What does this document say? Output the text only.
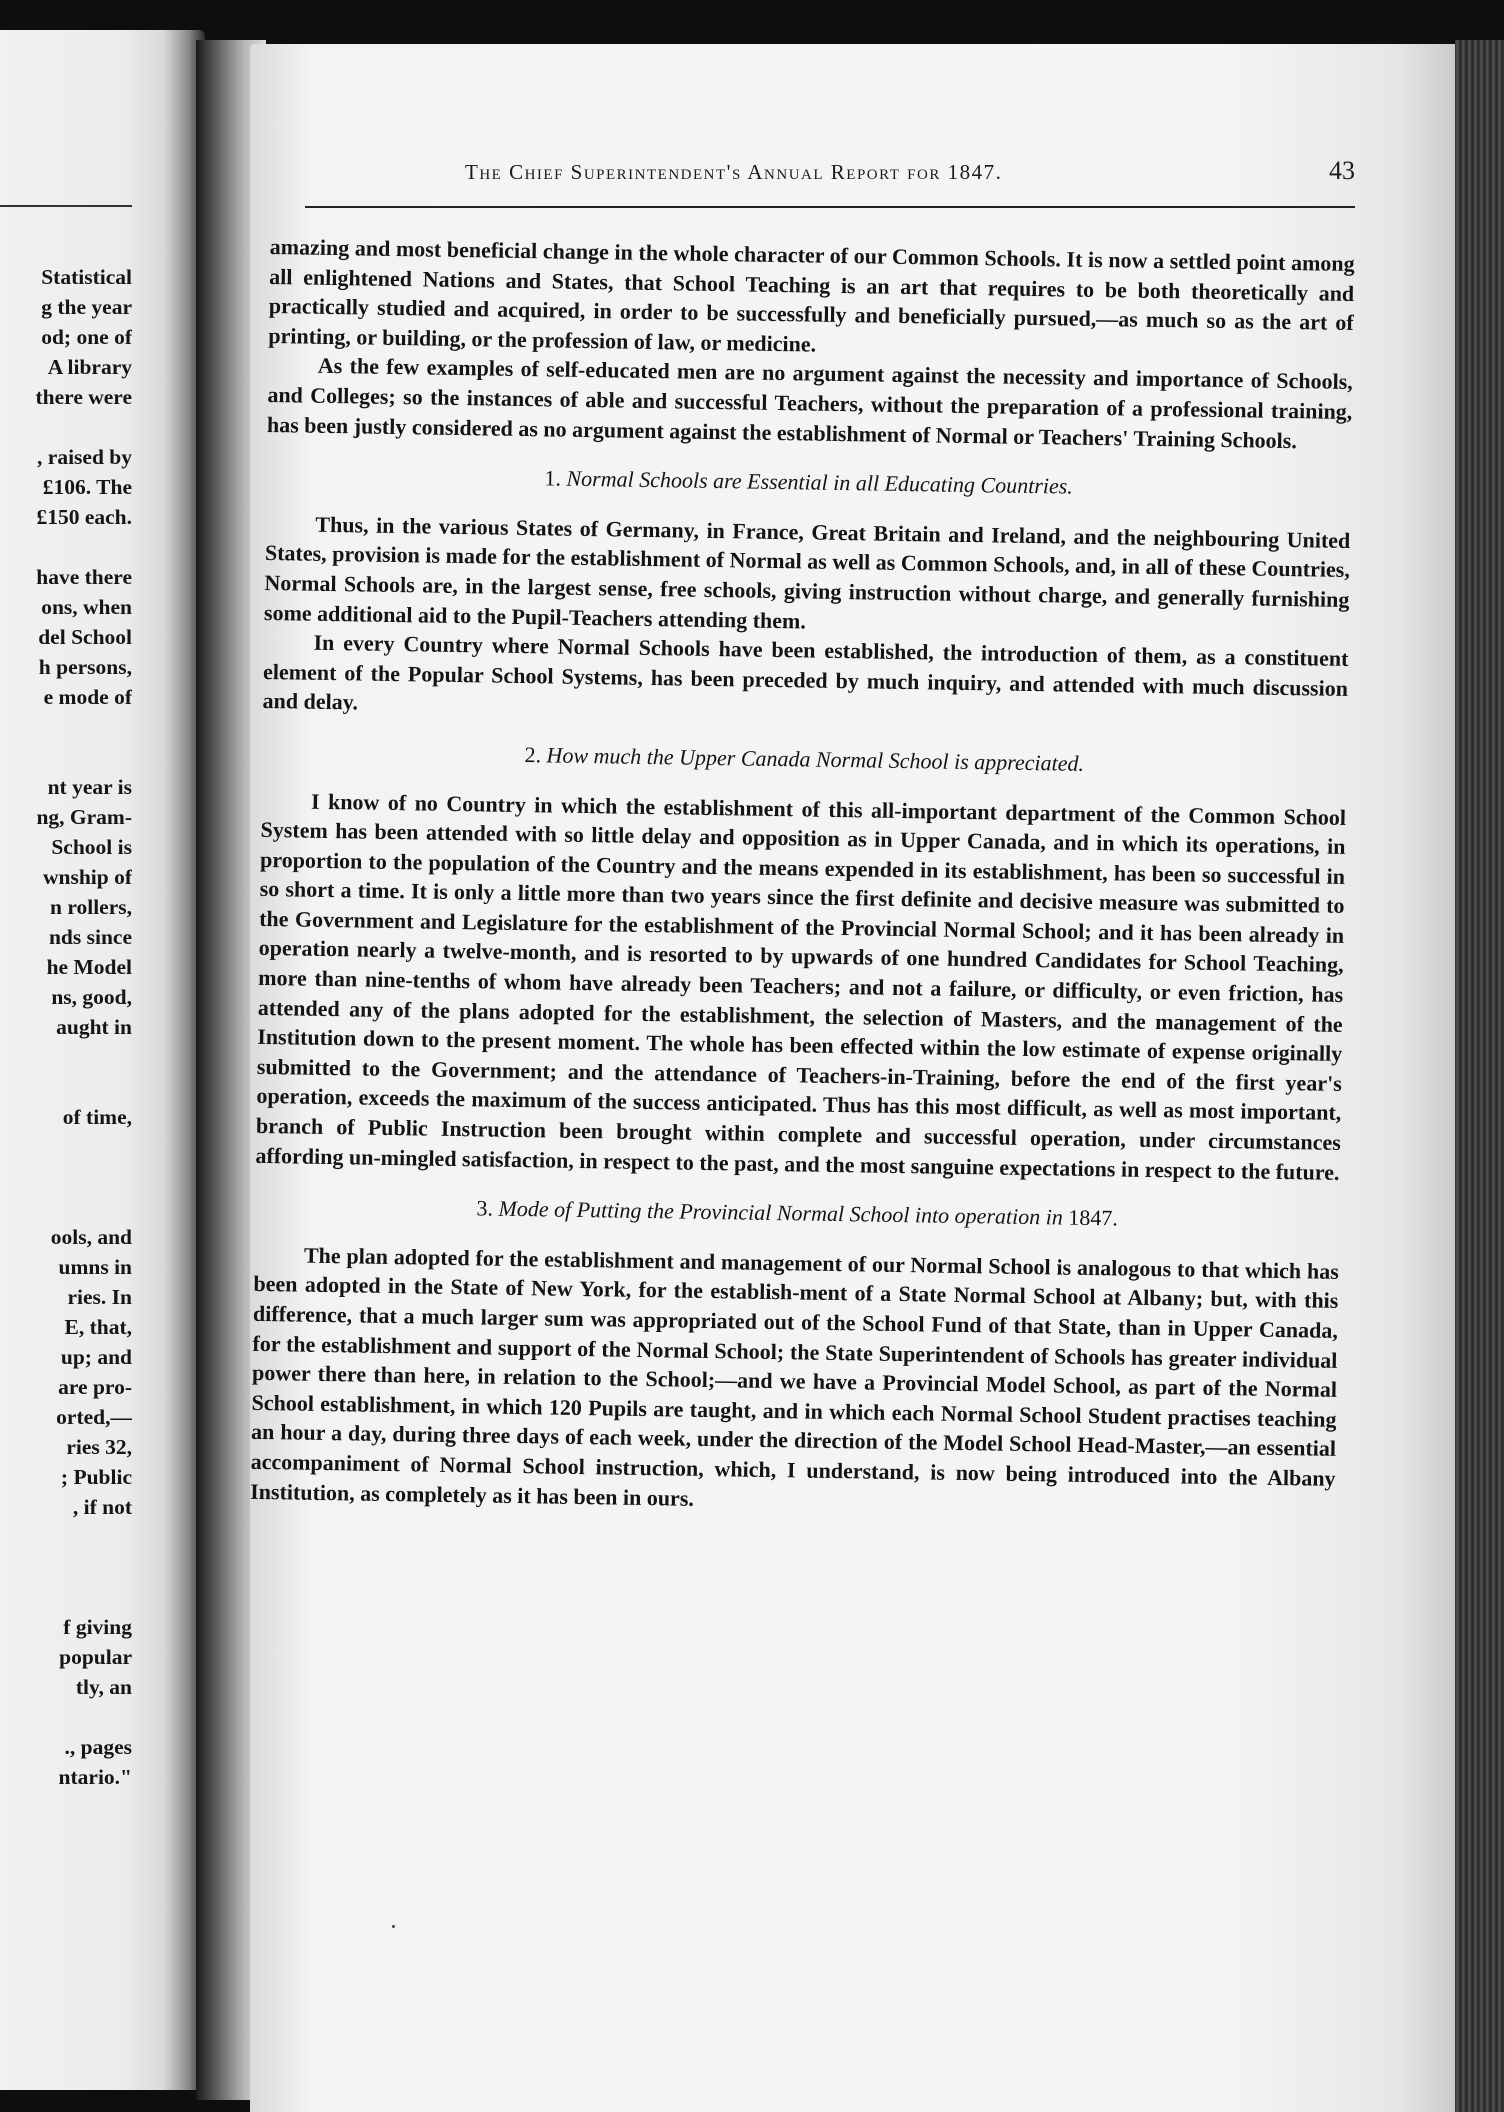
Statistical
g the year
od; one of
A library
there were
, raised by
£106. The
£150 each.
have there
ons, when
del School
h persons,
e mode of
nt year is
ng, Gram-
School is
wnship of
n rollers,
nds since
he Model
ns, good,
aught in
of time,
ools, and
umns in
ries. In
E, that,
up; and
are pro-
orted,—
ries 32,
; Public
, if not
f giving
popular
tly, an
., pages
ntario."
The Chief Superintendent's Annual Report for 1847.	43

amazing and most beneficial change in the whole character of our Common Schools. It is now a settled point among all enlightened Nations and States, that School Teaching is an art that requires to be both theoretically and practically studied and acquired, in order to be successfully and beneficially pursued,—as much so as the art of printing, or building, or the profession of law, or medicine.

As the few examples of self-educated men are no argument against the necessity and importance of Schools, and Colleges; so the instances of able and successful Teachers, without the preparation of a professional training, has been justly considered as no argument against the establishment of Normal or Teachers' Training Schools.

1. Normal Schools are Essential in all Educating Countries.

Thus, in the various States of Germany, in France, Great Britain and Ireland, and the neighbouring United States, provision is made for the establishment of Normal as well as Common Schools, and, in all of these Countries, Normal Schools are, in the largest sense, free schools, giving instruction without charge, and generally furnishing some additional aid to the Pupil-Teachers attending them.

In every Country where Normal Schools have been established, the introduction of them, as a constituent element of the Popular School Systems, has been preceded by much inquiry, and attended with much discussion and delay.

2. How much the Upper Canada Normal School is appreciated.

I know of no Country in which the establishment of this all-important department of the Common School System has been attended with so little delay and opposition as in Upper Canada, and in which its operations, in proportion to the population of the Country and the means expended in its establishment, has been so successful in so short a time. It is only a little more than two years since the first definite and decisive measure was submitted to the Government and Legislature for the establishment of the Provincial Normal School; and it has been already in operation nearly a twelve-month, and is resorted to by upwards of one hundred Candidates for School Teaching, more than nine-tenths of whom have already been Teachers; and not a failure, or difficulty, or even friction, has attended any of the plans adopted for the establishment, the selection of Masters, and the management of the Institution down to the present moment. The whole has been effected within the low estimate of expense originally submitted to the Government; and the attendance of Teachers-in-Training, before the end of the first year's operation, exceeds the maximum of the success anticipated. Thus has this most difficult, as well as most important, branch of Public Instruction been brought within complete and successful operation, under circumstances affording un-mingled satisfaction, in respect to the past, and the most sanguine expectations in respect to the future.

3. Mode of Putting the Provincial Normal School into operation in 1847.

The plan adopted for the establishment and management of our Normal School is analogous to that which has been adopted in the State of New York, for the establish-ment of a State Normal School at Albany; but, with this difference, that a much larger sum was appropriated out of the School Fund of that State, than in Upper Canada, for the establishment and support of the Normal School; the State Superintendent of Schools has greater individual power there than here, in relation to the School;—and we have a Provincial Model School, as part of the Normal School establishment, in which 120 Pupils are taught, and in which each Normal School Student practises teaching an hour a day, during three days of each week, under the direction of the Model School Head-Master,—an essential accompaniment of Normal School instruction, which, I understand, is now being introduced into the Albany Institution, as completely as it has been in ours.
